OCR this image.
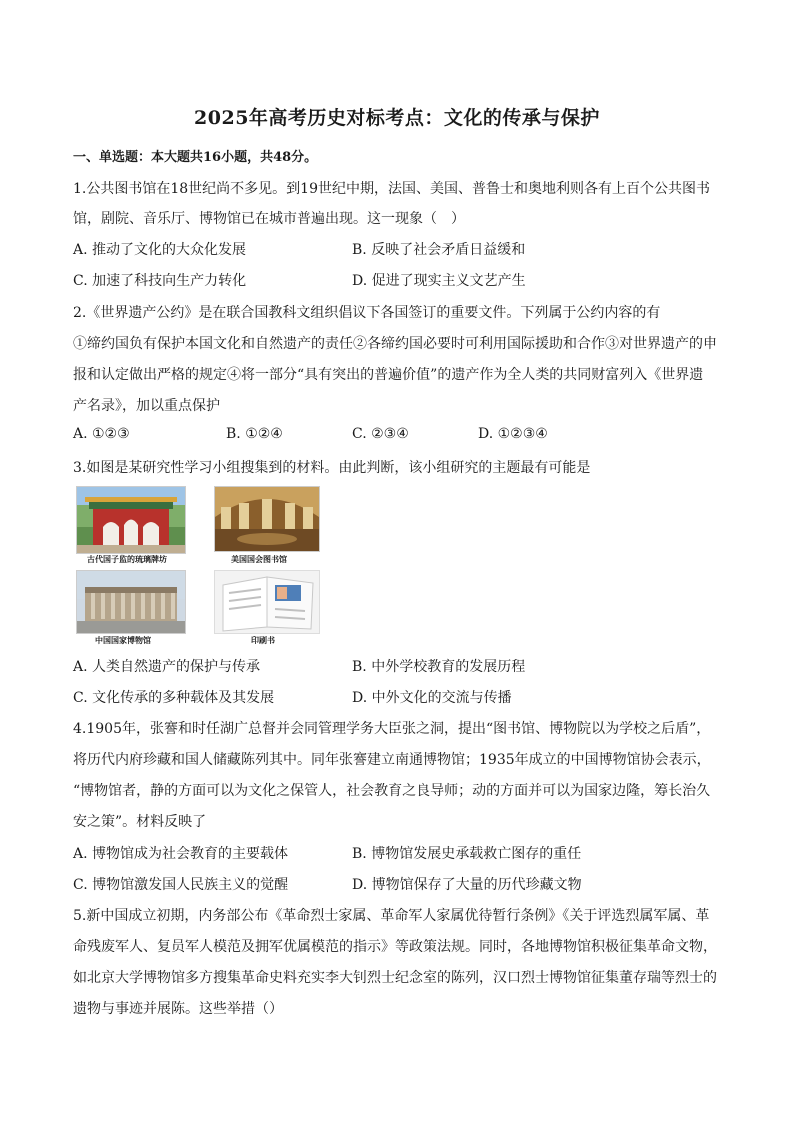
2025年高考历史对标考点：文化的传承与保护
一、单选题：本大题共16小题，共48分。
1.公共图书馆在18世纪尚不多见。到19世纪中期，法国、美国、普鲁士和奥地利则各有上百个公共图书
馆，剧院、音乐厅、博物馆已在城市普遍出现。这一现象（　）
A. 推动了文化的大众化发展	B. 反映了社会矛盾日益缓和
C. 加速了科技向生产力转化	D. 促进了现实主义文艺产生
2.《世界遗产公约》是在联合国教科文组织倡议下各国签订的重要文件。下列属于公约内容的有
①缔约国负有保护本国文化和自然遗产的责任②各缔约国必要时可利用国际援助和合作③对世界遗产的申
报和认定做出严格的规定④将一部分“具有突出的普遍价值”的遗产作为全人类的共同财富列入《世界遗
产名录》，加以重点保护
A. ①②③	B. ①②④	C. ②③④	D. ①②③④
3.如图是某研究性学习小组搜集到的材料。由此判断，该小组研究的主题最有可能是
古代国子监的琉璃牌坊	美国国会图书馆
中国国家博物馆	印刷书
A. 人类自然遗产的保护与传承	B. 中外学校教育的发展历程
C. 文化传承的多种载体及其发展	D. 中外文化的交流与传播
4.1905年，张謇和时任湖广总督并会同管理学务大臣张之洞，提出“图书馆、博物院以为学校之后盾”，
将历代内府珍藏和国人储藏陈列其中。同年张謇建立南通博物馆；1935年成立的中国博物馆协会表示，
“博物馆者，静的方面可以为文化之保管人，社会教育之良导师；动的方面并可以为国家边隆，筹长治久
安之策”。材料反映了
A. 博物馆成为社会教育的主要载体	B. 博物馆发展史承载救亡图存的重任
C. 博物馆激发国人民族主义的觉醒	D. 博物馆保存了大量的历代珍藏文物
5.新中国成立初期，内务部公布《革命烈士家属、革命军人家属优待暂行条例》《关于评选烈属军属、革
命残废军人、复员军人模范及拥军优属模范的指示》等政策法规。同时，各地博物馆积极征集革命文物，
如北京大学博物馆多方搜集革命史料充实李大钊烈士纪念室的陈列，汉口烈士博物馆征集董存瑞等烈士的
遗物与事迹并展陈。这些举措（）
